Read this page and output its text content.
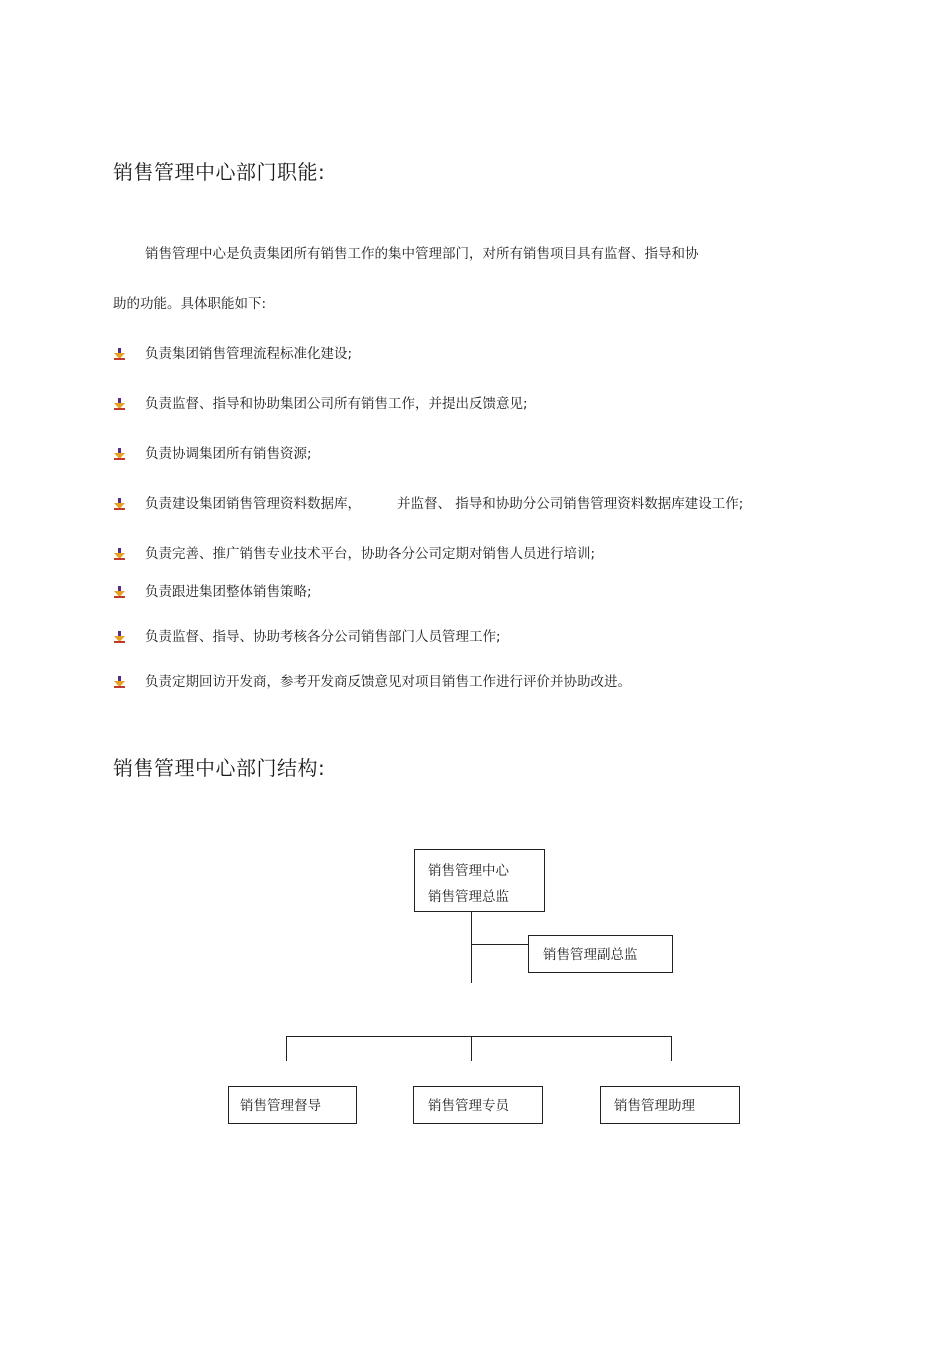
销售管理中心部门职能:
销售管理中心是负责集团所有销售工作的集中管理部门，对所有销售项目具有监督、指导和协
助的功能。具体职能如下:
负责集团销售管理流程标准化建设;
负责监督、指导和协助集团公司所有销售工作，并提出反馈意见;
负责协调集团所有销售资源;
负责建设集团销售管理资料数据库，	并监督、 指导和协助分公司销售管理资料数据库建设工作;
负责完善、推广销售专业技术平台，协助各分公司定期对销售人员进行培训;
负责跟进集团整体销售策略;
负责监督、指导、协助考核各分公司销售部门人员管理工作;
负责定期回访开发商，参考开发商反馈意见对项目销售工作进行评价并协助改进。
销售管理中心部门结构:
销售管理中心
销售管理总监
销售管理副总监
销售管理督导	销售管理专员	销售管理助理
